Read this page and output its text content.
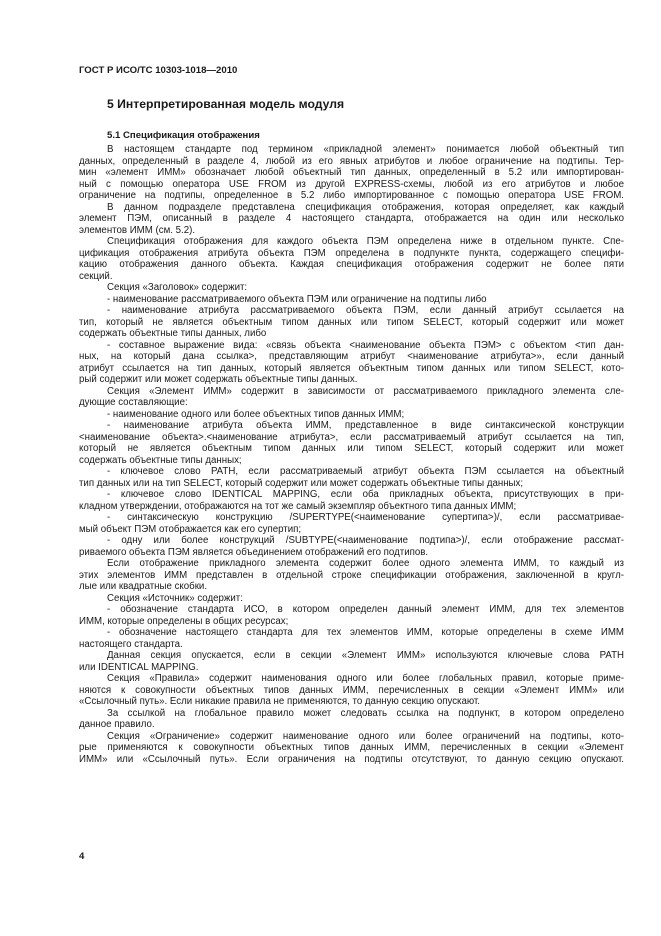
ГОСТ Р ИСО/ТС 10303-1018—2010
5 Интерпретированная модель модуля
5.1 Спецификация отображения
В настоящем стандарте под термином «прикладной элемент» понимается любой объектный тип
данных, определенный в разделе 4, любой из его явных атрибутов и любое ограничение на подтипы. Тер-
мин «элемент ИММ» обозначает любой объектный тип данных, определенный в 5.2 или импортирован-
ный с помощью оператора USE FROM из другой EXPRESS-схемы, любой из его атрибутов и любое
ограничение на подтипы, определенное в 5.2 либо импортированное с помощью оператора USE FROM.
В данном подразделе представлена спецификация отображения, которая определяет, как каждый
элемент ПЭМ, описанный в разделе 4 настоящего стандарта, отображается на один или несколько
элементов ИММ (см. 5.2).
Спецификация отображения для каждого объекта ПЭМ определена ниже в отдельном пункте. Спе-
цификация отображения атрибута объекта ПЭМ определена в подпункте пункта, содержащего специфи-
кацию отображения данного объекта. Каждая спецификация отображения содержит не более пяти
секций.
Секция «Заголовок» содержит:
- наименование рассматриваемого объекта ПЭМ или ограничение на подтипы либо
- наименование атрибута рассматриваемого объекта ПЭМ, если данный атрибут ссылается на
тип, который не является объектным типом данных или типом SELECT, который содержит или может
содержать объектные типы данных, либо
- составное выражение вида: «связь объекта <наименование объекта ПЭМ> с объектом <тип дан-
ных, на который дана ссылка>, представляющим атрибут <наименование атрибута>», если данный
атрибут ссылается на тип данных, который является объектным типом данных или типом SELECT, кото-
рый содержит или может содержать объектные типы данных.
Секция «Элемент ИММ» содержит в зависимости от рассматриваемого прикладного элемента сле-
дующие составляющие:
- наименование одного или более объектных типов данных ИММ;
- наименование атрибута объекта ИММ, представленное в виде синтаксической конструкции
<наименование объекта>.<наименование атрибута>, если рассматриваемый атрибут ссылается на тип,
который не является объектным типом данных или типом SELECT, который содержит или может
содержать объектные типы данных;
- ключевое слово PATH, если рассматриваемый атрибут объекта ПЭМ ссылается на объектный
тип данных или на тип SELECT, который содержит или может содержать объектные типы данных;
- ключевое слово IDENTICAL MAPPING, если оба прикладных объекта, присутствующих в при-
кладном утверждении, отображаются на тот же самый экземпляр объектного типа данных ИММ;
- синтаксическую конструкцию /SUPERTYPE(<наименование супертипа>)/, если рассматривае-
мый объект ПЭМ отображается как его супертип;
- одну или более конструкций /SUBTYPE(<наименование подтипа>)/, если отображение рассмат-
риваемого объекта ПЭМ является объединением отображений его подтипов.
Если отображение прикладного элемента содержит более одного элемента ИММ, то каждый из
этих элементов ИММ представлен в отдельной строке спецификации отображения, заключенной в кругл-
лые или квадратные скобки.
Секция «Источник» содержит:
- обозначение стандарта ИСО, в котором определен данный элемент ИММ, для тех элементов
ИММ, которые определены в общих ресурсах;
- обозначение настоящего стандарта для тех элементов ИММ, которые определены в схеме ИММ
настоящего стандарта.
Данная секция опускается, если в секции «Элемент ИММ» используются ключевые слова PATH
или IDENTICAL MAPPING.
Секция «Правила» содержит наименования одного или более глобальных правил, которые приме-
няются к совокупности объектных типов данных ИММ, перечисленных в секции «Элемент ИММ» или
«Ссылочный путь». Если никакие правила не применяются, то данную секцию опускают.
За ссылкой на глобальное правило может следовать ссылка на подпункт, в котором определено
данное правило.
Секция «Ограничение» содержит наименование одного или более ограничений на подтипы, кото-
рые применяются к совокупности объектных типов данных ИММ, перечисленных в секции «Элемент
ИММ» или «Ссылочный путь». Если ограничения на подтипы отсутствуют, то данную секцию опускают.
4
